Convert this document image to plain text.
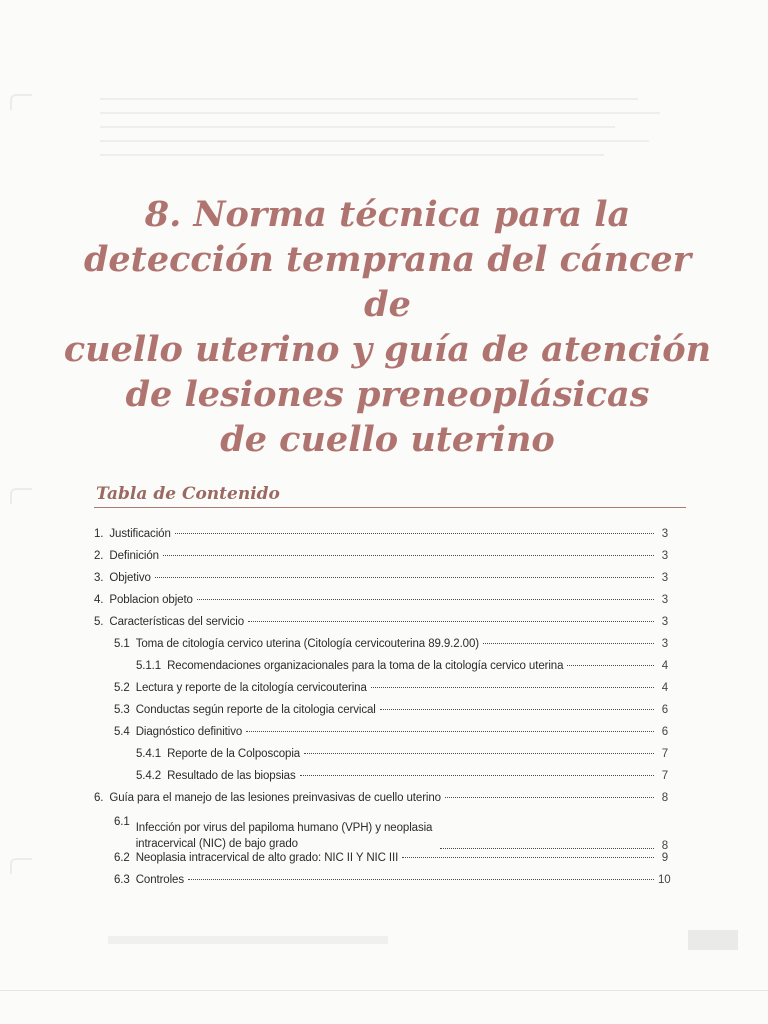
8. Norma técnica para la
detección temprana del cáncer de
cuello uterino y guía de atención
de lesiones preneoplásicas
de cuello uterino
Tabla de Contenido
1. Justificación	3
2. Definición	3
3. Objetivo	3
4. Poblacion objeto	3
5. Características del servicio	3
5.1 Toma de citología cervico uterina (Citología cervicouterina 89.9.2.00)	3
5.1.1 Recomendaciones organizacionales para la toma de la citología cervico uterina	4
5.2 Lectura y reporte de la citología cervicouterina	4
5.3 Conductas según reporte de la citologia cervical	6
5.4 Diagnóstico definitivo	6
5.4.1 Reporte de la Colposcopia	7
5.4.2 Resultado de las biopsias	7
6. Guía para el manejo de las lesiones preinvasivas de cuello uterino	8
6.1 Infección por virus del papiloma humano (VPH) y neoplasia intracervical (NIC) de bajo grado	8
6.2 Neoplasia intracervical de alto grado: NIC II Y NIC III	9
6.3 Controles	10
